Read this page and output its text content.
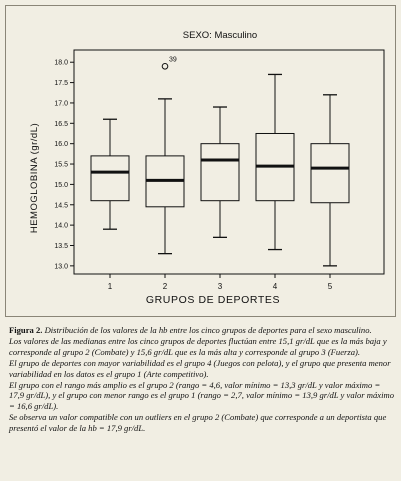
SEXO: Masculino
13.0
13.5
14.0
14.5
15.0
15.5
16.0
16.5
17.0
17.5
18.0
1	2	3	4	5
39
GRUPOS DE DEPORTES
HEMOGLOBINA (gr/dL)

Figura 2. Distribución de los valores de la hb entre los cinco grupos de deportes para el sexo masculino.

Los valores de las medianas entre los cinco grupos de deportes fluctúan entre 15,1 gr/dL que es la más baja y corresponde al grupo 2 (Combate) y 15,6 gr/dL que es la más alta y corresponde al grupo 3 (Fuerza).

El grupo de deportes con mayor variabilidad es el grupo 4 (Juegos con pelota), y el grupo que presenta menor variabilidad en los datos es el grupo 1 (Arte competitivo).

El grupo con el rango más amplio es el grupo 2 (rango = 4,6, valor mínimo = 13,3 gr/dL y valor máximo = 17,9 gr/dL), y el grupo con menor rango es el grupo 1 (rango = 2,7, valor mínimo = 13,9 gr/dL y valor máximo = 16,6 gr/dL).

Se observa un valor compatible con un outliers en el grupo 2 (Combate) que corresponde a un deportista que presentó el valor de la hb = 17,9 gr/dL.
